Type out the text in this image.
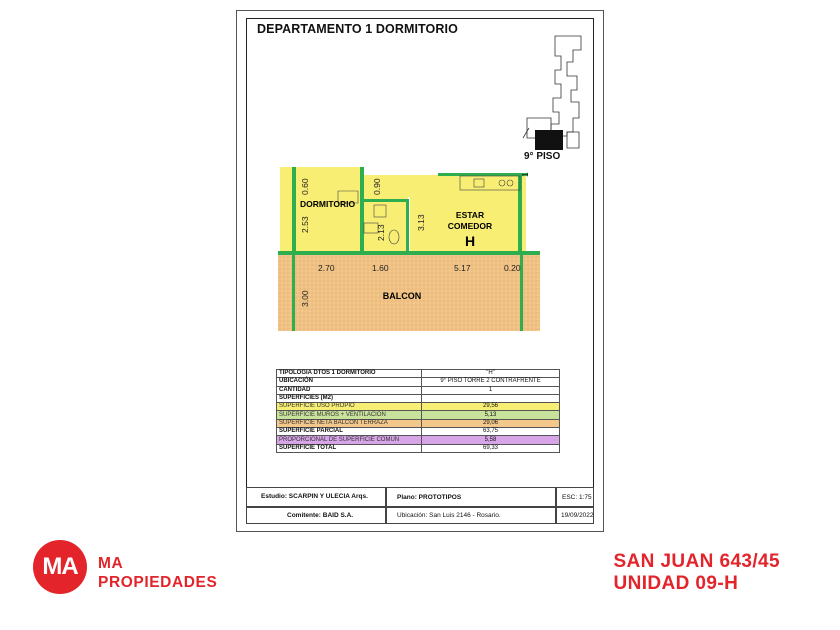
DEPARTAMENTO 1 DORMITORIO
9° PISO
DORMITORIO
ESTAR
COMEDOR
H
BALCON
0.60	0.90
1
2.53	2.13
3.13
2.70	1.60	5.17	0.20
3.00
TIPOLOGIA DTOS 1 DORMITORIO	"H"
UBICACIÓN	9° PISO TORRE 2 CONTRAFRENTE
CANTIDAD	1
SUPERFICIES (M2)	
SUPERFICIE USO PROPIO	29,56
SUPERFICIE MUROS + VENTILACION	5,13
SUPERFICIE NETA BALCON TERRAZA	29,06
SUPERFICIE PARCIAL	63,75
PROPORCIONAL DE SUPERFICIE COMUN	5,58
SUPERFICIE TOTAL	69,33
Estudio: SCARPIN Y ULECIA Arqs.	Plano: PROTOTIPOS	ESC: 1:75
Comitente: BAID S.A.	Ubicación: San Luis 2146 - Rosario.	19/09/2022
MA	MA
PROPIEDADES
SAN JUAN 643/45
UNIDAD 09-H
